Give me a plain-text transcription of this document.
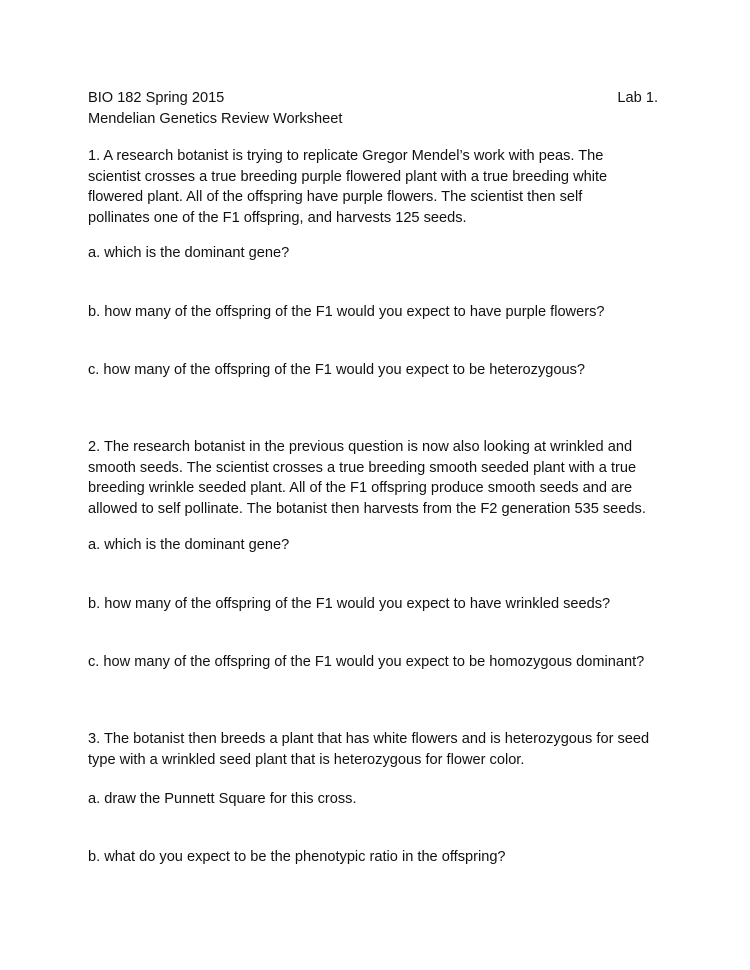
BIO 182 Spring 2015	Lab 1.
Mendelian Genetics Review Worksheet

1. A research botanist is trying to replicate Gregor Mendel’s work with peas. The
scientist crosses a true breeding purple flowered plant with a true breeding white
flowered plant. All of the offspring have purple flowers. The scientist then self
pollinates one of the F1 offspring, and harvests 125 seeds.

a. which is the dominant gene?
b. how many of the offspring of the F1 would you expect to have purple flowers?
c. how many of the offspring of the F1 would you expect to be heterozygous?

2. The research botanist in the previous question is now also looking at wrinkled and
smooth seeds. The scientist crosses a true breeding smooth seeded plant with a true
breeding wrinkle seeded plant. All of the F1 offspring produce smooth seeds and are
allowed to self pollinate. The botanist then harvests from the F2 generation 535 seeds.

a. which is the dominant gene?
b. how many of the offspring of the F1 would you expect to have wrinkled seeds?
c. how many of the offspring of the F1 would you expect to be homozygous dominant?

3. The botanist then breeds a plant that has white flowers and is heterozygous for seed
type with a wrinkled seed plant that is heterozygous for flower color.

a. draw the Punnett Square for this cross.
b. what do you expect to be the phenotypic ratio in the offspring?
